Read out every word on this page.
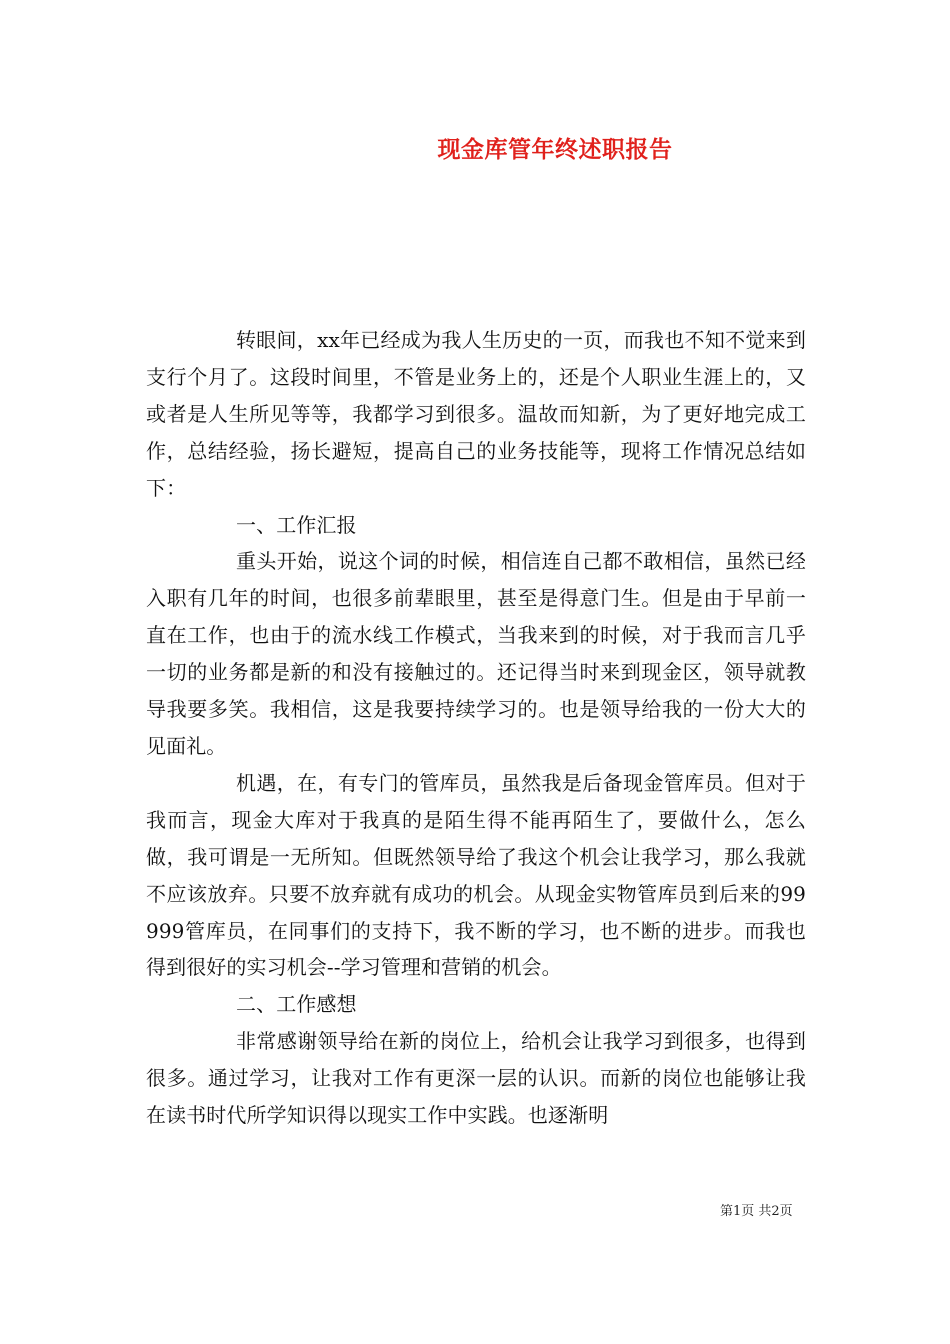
现金库管年终述职报告

转眼间，xx年已经成为我人生历史的一页，而我也不知不觉来到支行个月了。这段时间里，不管是业务上的，还是个人职业生涯上的，又或者是人生所见等等，我都学习到很多。温故而知新，为了更好地完成工作，总结经验，扬长避短，提高自己的业务技能等，现将工作情况总结如下：

一、工作汇报

重头开始，说这个词的时候，相信连自己都不敢相信，虽然已经入职有几年的时间，也很多前辈眼里，甚至是得意门生。但是由于早前一直在工作，也由于的流水线工作模式，当我来到的时候，对于我而言几乎一切的业务都是新的和没有接触过的。还记得当时来到现金区，领导就教导我要多笑。我相信，这是我要持续学习的。也是领导给我的一份大大的见面礼。

机遇，在，有专门的管库员，虽然我是后备现金管库员。但对于我而言，现金大库对于我真的是陌生得不能再陌生了，要做什么，怎么做，我可谓是一无所知。但既然领导给了我这个机会让我学习，那么我就不应该放弃。只要不放弃就有成功的机会。从现金实物管库员到后来的99999管库员，在同事们的支持下，我不断的学习，也不断的进步。而我也得到很好的实习机会--学习管理和营销的机会。

二、工作感想

非常感谢领导给在新的岗位上，给机会让我学习到很多，也得到很多。通过学习，让我对工作有更深一层的认识。而新的岗位也能够让我在读书时代所学知识得以现实工作中实践。也逐渐明

第1页 共2页
